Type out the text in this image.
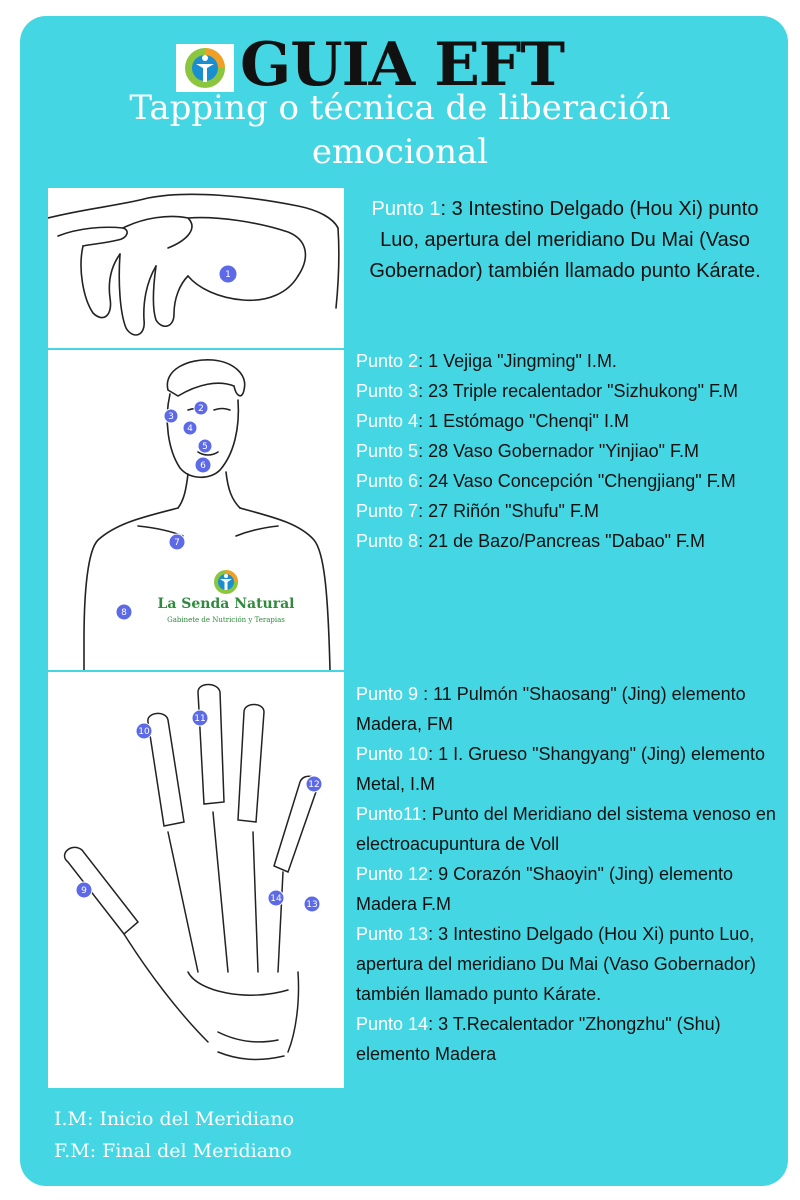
GUIA EFT
Tapping o técnica de liberación emocional
1
2
3
4
5
6
7
8
La Senda Natural
Gabinete de Nutrición y Terapias
9
10
11
12
13
14
Punto 1: 3 Intestino Delgado (Hou Xi) punto Luo, apertura del meridiano Du Mai (Vaso Gobernador) también llamado punto Kárate.

Punto 2: 1 Vejiga "Jingming" I.M.

Punto 3: 23 Triple recalentador "Sizhukong" F.M

Punto 4: 1 Estómago "Chenqi" I.M

Punto 5: 28 Vaso Gobernador "Yinjiao" F.M

Punto 6: 24 Vaso Concepción "Chengjiang" F.M

Punto 7: 27 Riñón "Shufu" F.M

Punto 8: 21 de Bazo/Pancreas "Dabao" F.M

Punto 9 : 11 Pulmón "Shaosang" (Jing) elemento Madera, FM

Punto 10: 1 I. Grueso "Shangyang" (Jing) elemento Metal, I.M

Punto11: Punto del Meridiano del sistema venoso en electroacupuntura de Voll

Punto 12: 9 Corazón "Shaoyin" (Jing) elemento Madera F.M

Punto 13: 3 Intestino Delgado (Hou Xi) punto Luo, apertura del meridiano Du Mai (Vaso Gobernador) también llamado punto Kárate.

Punto 14: 3 T.Recalentador "Zhongzhu" (Shu) elemento Madera

I.M: Inicio del Meridiano
F.M: Final del Meridiano
